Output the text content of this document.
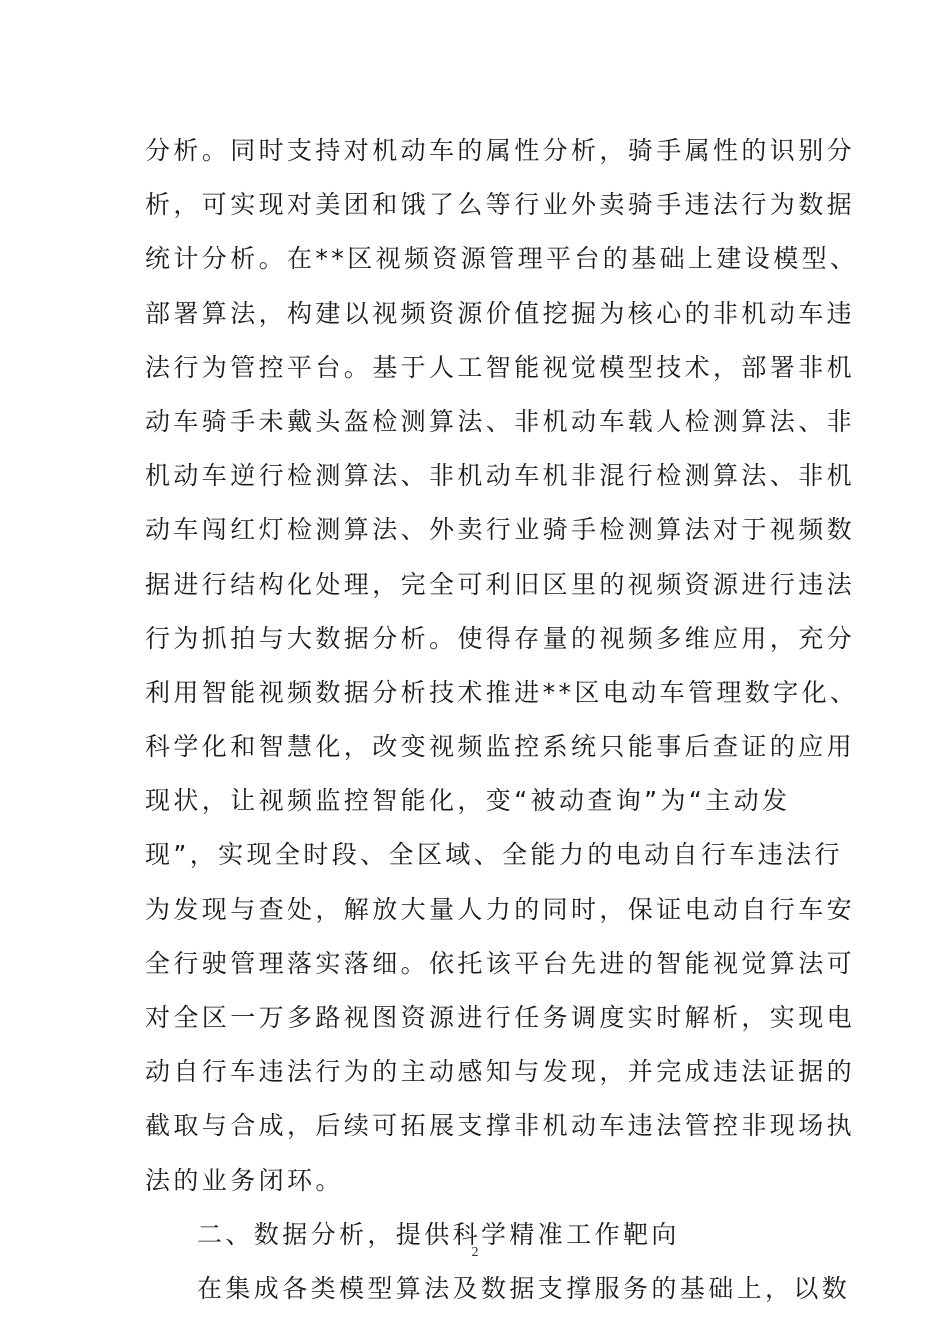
分析。同时支持对机动车的属性分析，骑手属性的识别分
析，可实现对美团和饿了么等行业外卖骑手违法行为数据
统计分析。在**区视频资源管理平台的基础上建设模型、
部署算法，构建以视频资源价值挖掘为核心的非机动车违
法行为管控平台。基于人工智能视觉模型技术，部署非机
动车骑手未戴头盔检测算法、非机动车载人检测算法、非
机动车逆行检测算法、非机动车机非混行检测算法、非机
动车闯红灯检测算法、外卖行业骑手检测算法对于视频数
据进行结构化处理，完全可利旧区里的视频资源进行违法
行为抓拍与大数据分析。使得存量的视频多维应用，充分
利用智能视频数据分析技术推进**区电动车管理数字化、
科学化和智慧化，改变视频监控系统只能事后查证的应用
现状，让视频监控智能化，变“被动查询”为“主动发
现”，实现全时段、全区域、全能力的电动自行车违法行
为发现与查处，解放大量人力的同时，保证电动自行车安
全行驶管理落实落细。依托该平台先进的智能视觉算法可
对全区一万多路视图资源进行任务调度实时解析，实现电
动自行车违法行为的主动感知与发现，并完成违法证据的
截取与合成，后续可拓展支撑非机动车违法管控非现场执
法的业务闭环。
二、数据分析，提供科学精准工作靶向
在集成各类模型算法及数据支撑服务的基础上，以数
2
